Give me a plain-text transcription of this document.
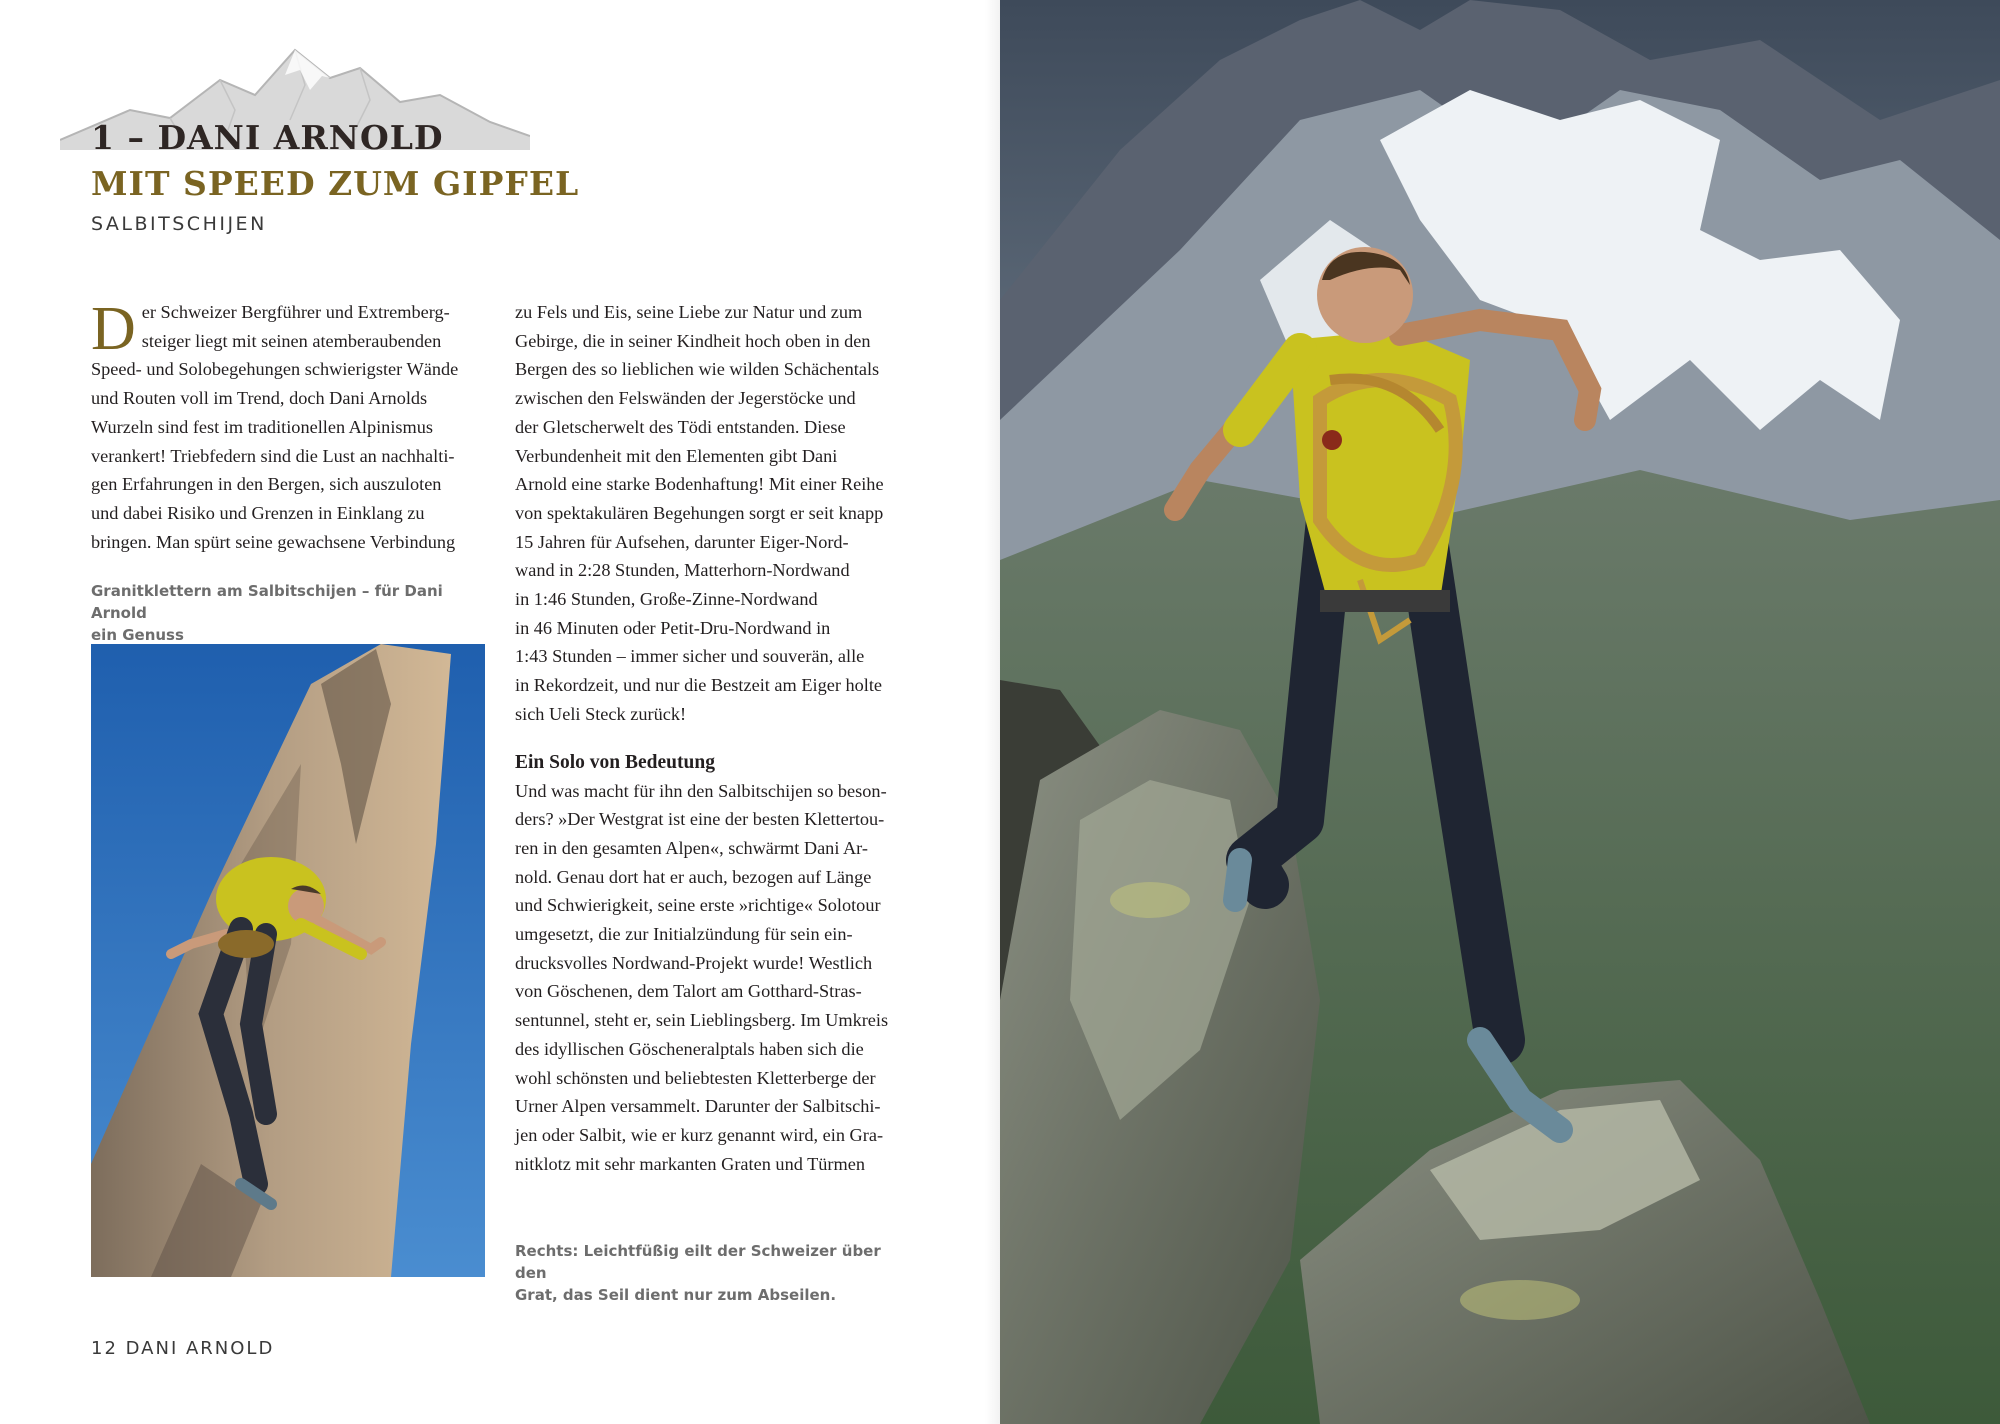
1 – DANI ARNOLD
MIT SPEED ZUM GIPFEL
SALBITSCHIJEN
D er Schweizer Bergführer und Extremberg-
steiger liegt mit seinen atemberaubenden
Speed- und Solobegehungen schwierigster Wände
und Routen voll im Trend, doch Dani Arnolds
Wurzeln sind fest im traditionellen Alpinismus
verankert! Triebfedern sind die Lust an nachhalti-
gen Erfahrungen in den Bergen, sich auszuloten
und dabei Risiko und Grenzen in Einklang zu
bringen. Man spürt seine gewachsene Verbindung

Granitklettern am Salbitschijen – für Dani Arnold
ein Genuss
zu Fels und Eis, seine Liebe zur Natur und zum
Gebirge, die in seiner Kindheit hoch oben in den
Bergen des so lieblichen wie wilden Schächentals
zwischen den Felswänden der Jegerstöcke und
der Gletscherwelt des Tödi entstanden. Diese
Verbundenheit mit den Elementen gibt Dani
Arnold eine starke Bodenhaftung! Mit einer Reihe
von spektakulären Begehungen sorgt er seit knapp
15 Jahren für Aufsehen, darunter Eiger-Nord-
wand in 2:28 Stunden, Matterhorn-Nordwand
in 1:46 Stunden, Große-Zinne-Nordwand
in 46 Minuten oder Petit-Dru-Nordwand in
1:43 Stunden – immer sicher und souverän, alle
in Rekordzeit, und nur die Bestzeit am Eiger holte
sich Ueli Steck zurück!

Ein Solo von Bedeutung
Und was macht für ihn den Salbitschijen so beson-
ders? »Der Westgrat ist eine der besten Klettertou-
ren in den gesamten Alpen«, schwärmt Dani Ar-
nold. Genau dort hat er auch, bezogen auf Länge
und Schwierigkeit, seine erste »richtige« Solotour
umgesetzt, die zur Initialzündung für sein ein-
drucksvolles Nordwand-Projekt wurde! Westlich
von Göschenen, dem Talort am Gotthard-Stras-
sentunnel, steht er, sein Lieblingsberg. Im Umkreis
des idyllischen Göscheneralptals haben sich die
wohl schönsten und beliebtesten Kletterberge der
Urner Alpen versammelt. Darunter der Salbitschi-
jen oder Salbit, wie er kurz genannt wird, ein Gra-
nitklotz mit sehr markanten Graten und Türmen

Rechts: Leichtfüßig eilt der Schweizer über den
Grat, das Seil dient nur zum Abseilen.
12 DANI ARNOLD
